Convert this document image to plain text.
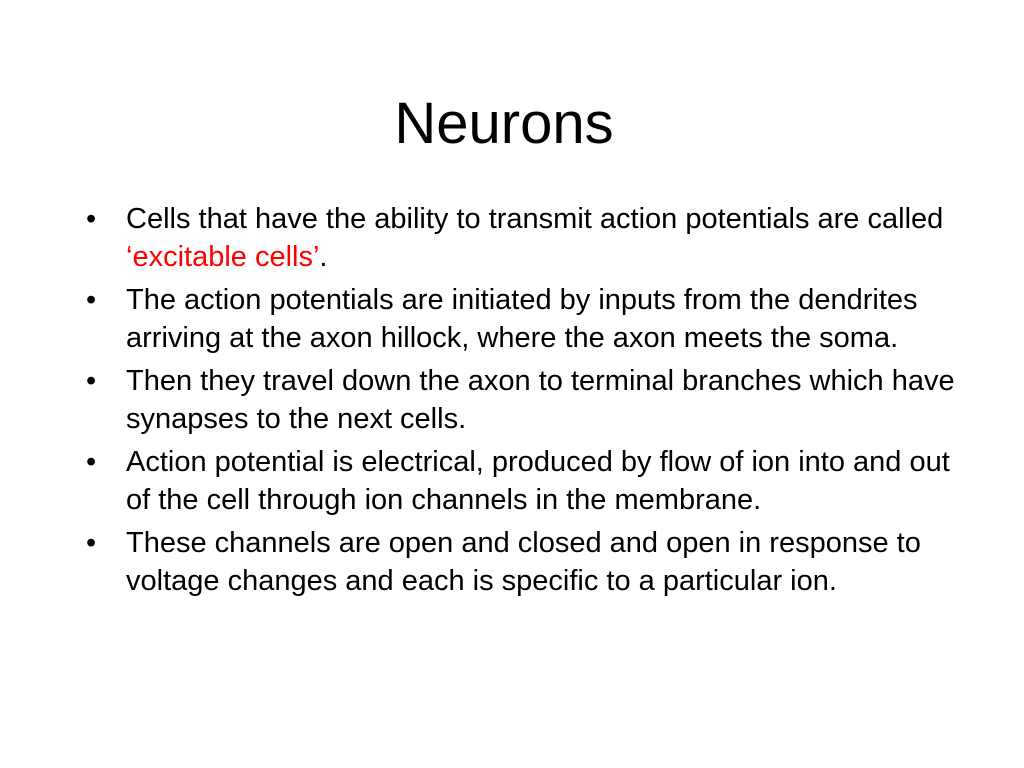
Neurons
•	Cells that have the ability to transmit action potentials are called ‘excitable cells’.
•	The action potentials are initiated by inputs from the dendrites arriving at the axon hillock, where the axon meets the soma.
•	Then they travel down the axon to terminal branches which have synapses to the next cells.
•	Action potential is electrical, produced by flow of ion into and out of the cell through ion channels in the membrane.
•	These channels are open and closed and open in response to voltage changes and each is specific to a particular ion.
